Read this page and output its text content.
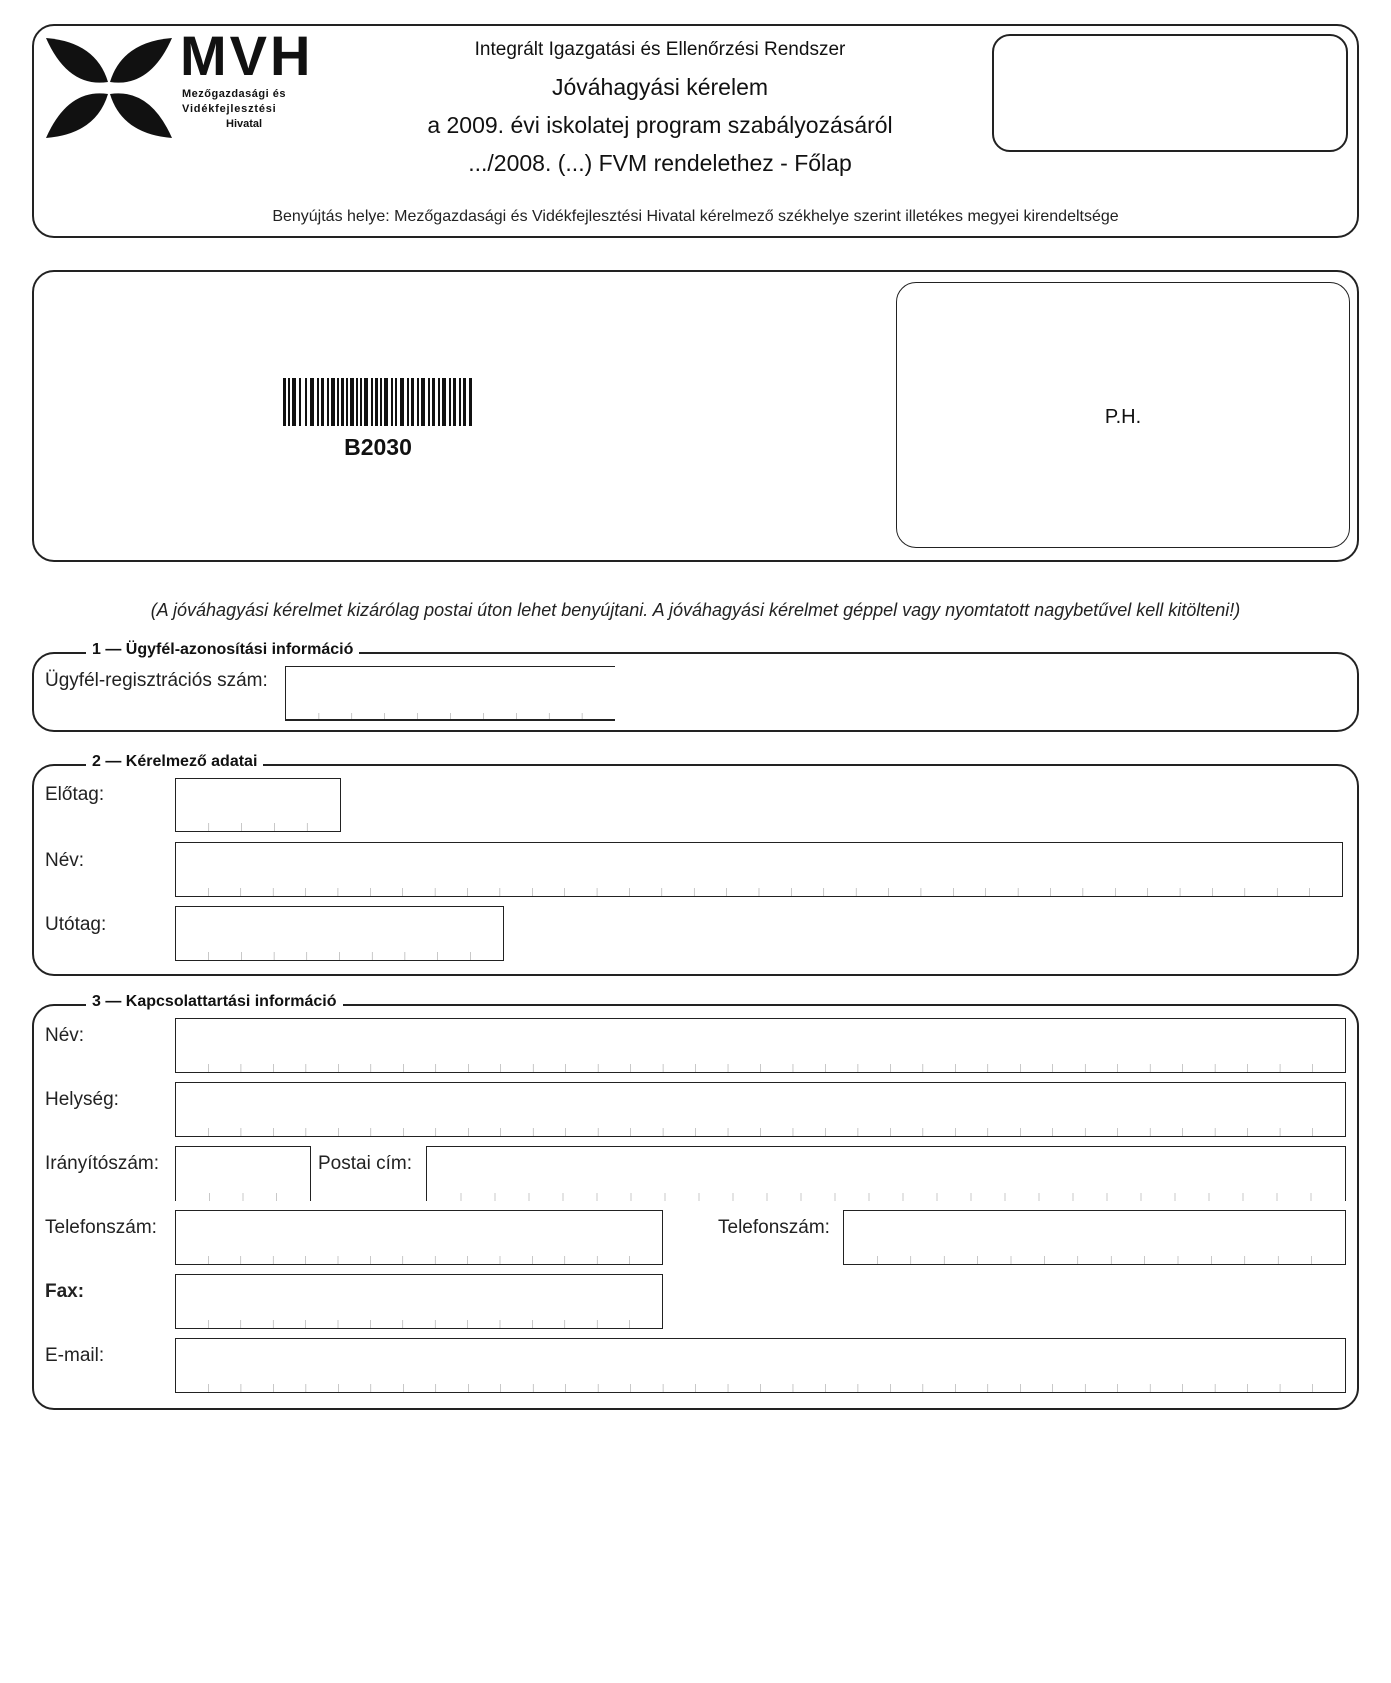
MVH
Mezőgazdasági és
Vidékfejlesztési
Hivatal
Integrált Igazgatási és Ellenőrzési Rendszer
Jóváhagyási kérelem
a 2009. évi iskolatej program szabályozásáról
.../2008. (...) FVM rendelethez - Főlap
Benyújtás helye: Mezőgazdasági és Vidékfejlesztési Hivatal kérelmező székhelye szerint illetékes megyei kirendeltsége
B2030
P.H.
(A jóváhagyási kérelmet kizárólag postai úton lehet benyújtani. A jóváhagyási kérelmet géppel vagy nyomtatott nagybetűvel kell kitölteni!)
1 — Ügyfél-azonosítási információ
Ügyfél-regisztrációs szám:
2 — Kérelmező adatai
Előtag:
Név:
Utótag:
3 — Kapcsolattartási információ
Név:
Helység:
Irányítószám:	Postai cím:
Telefonszám:	Telefonszám:
Fax:
E-mail:
